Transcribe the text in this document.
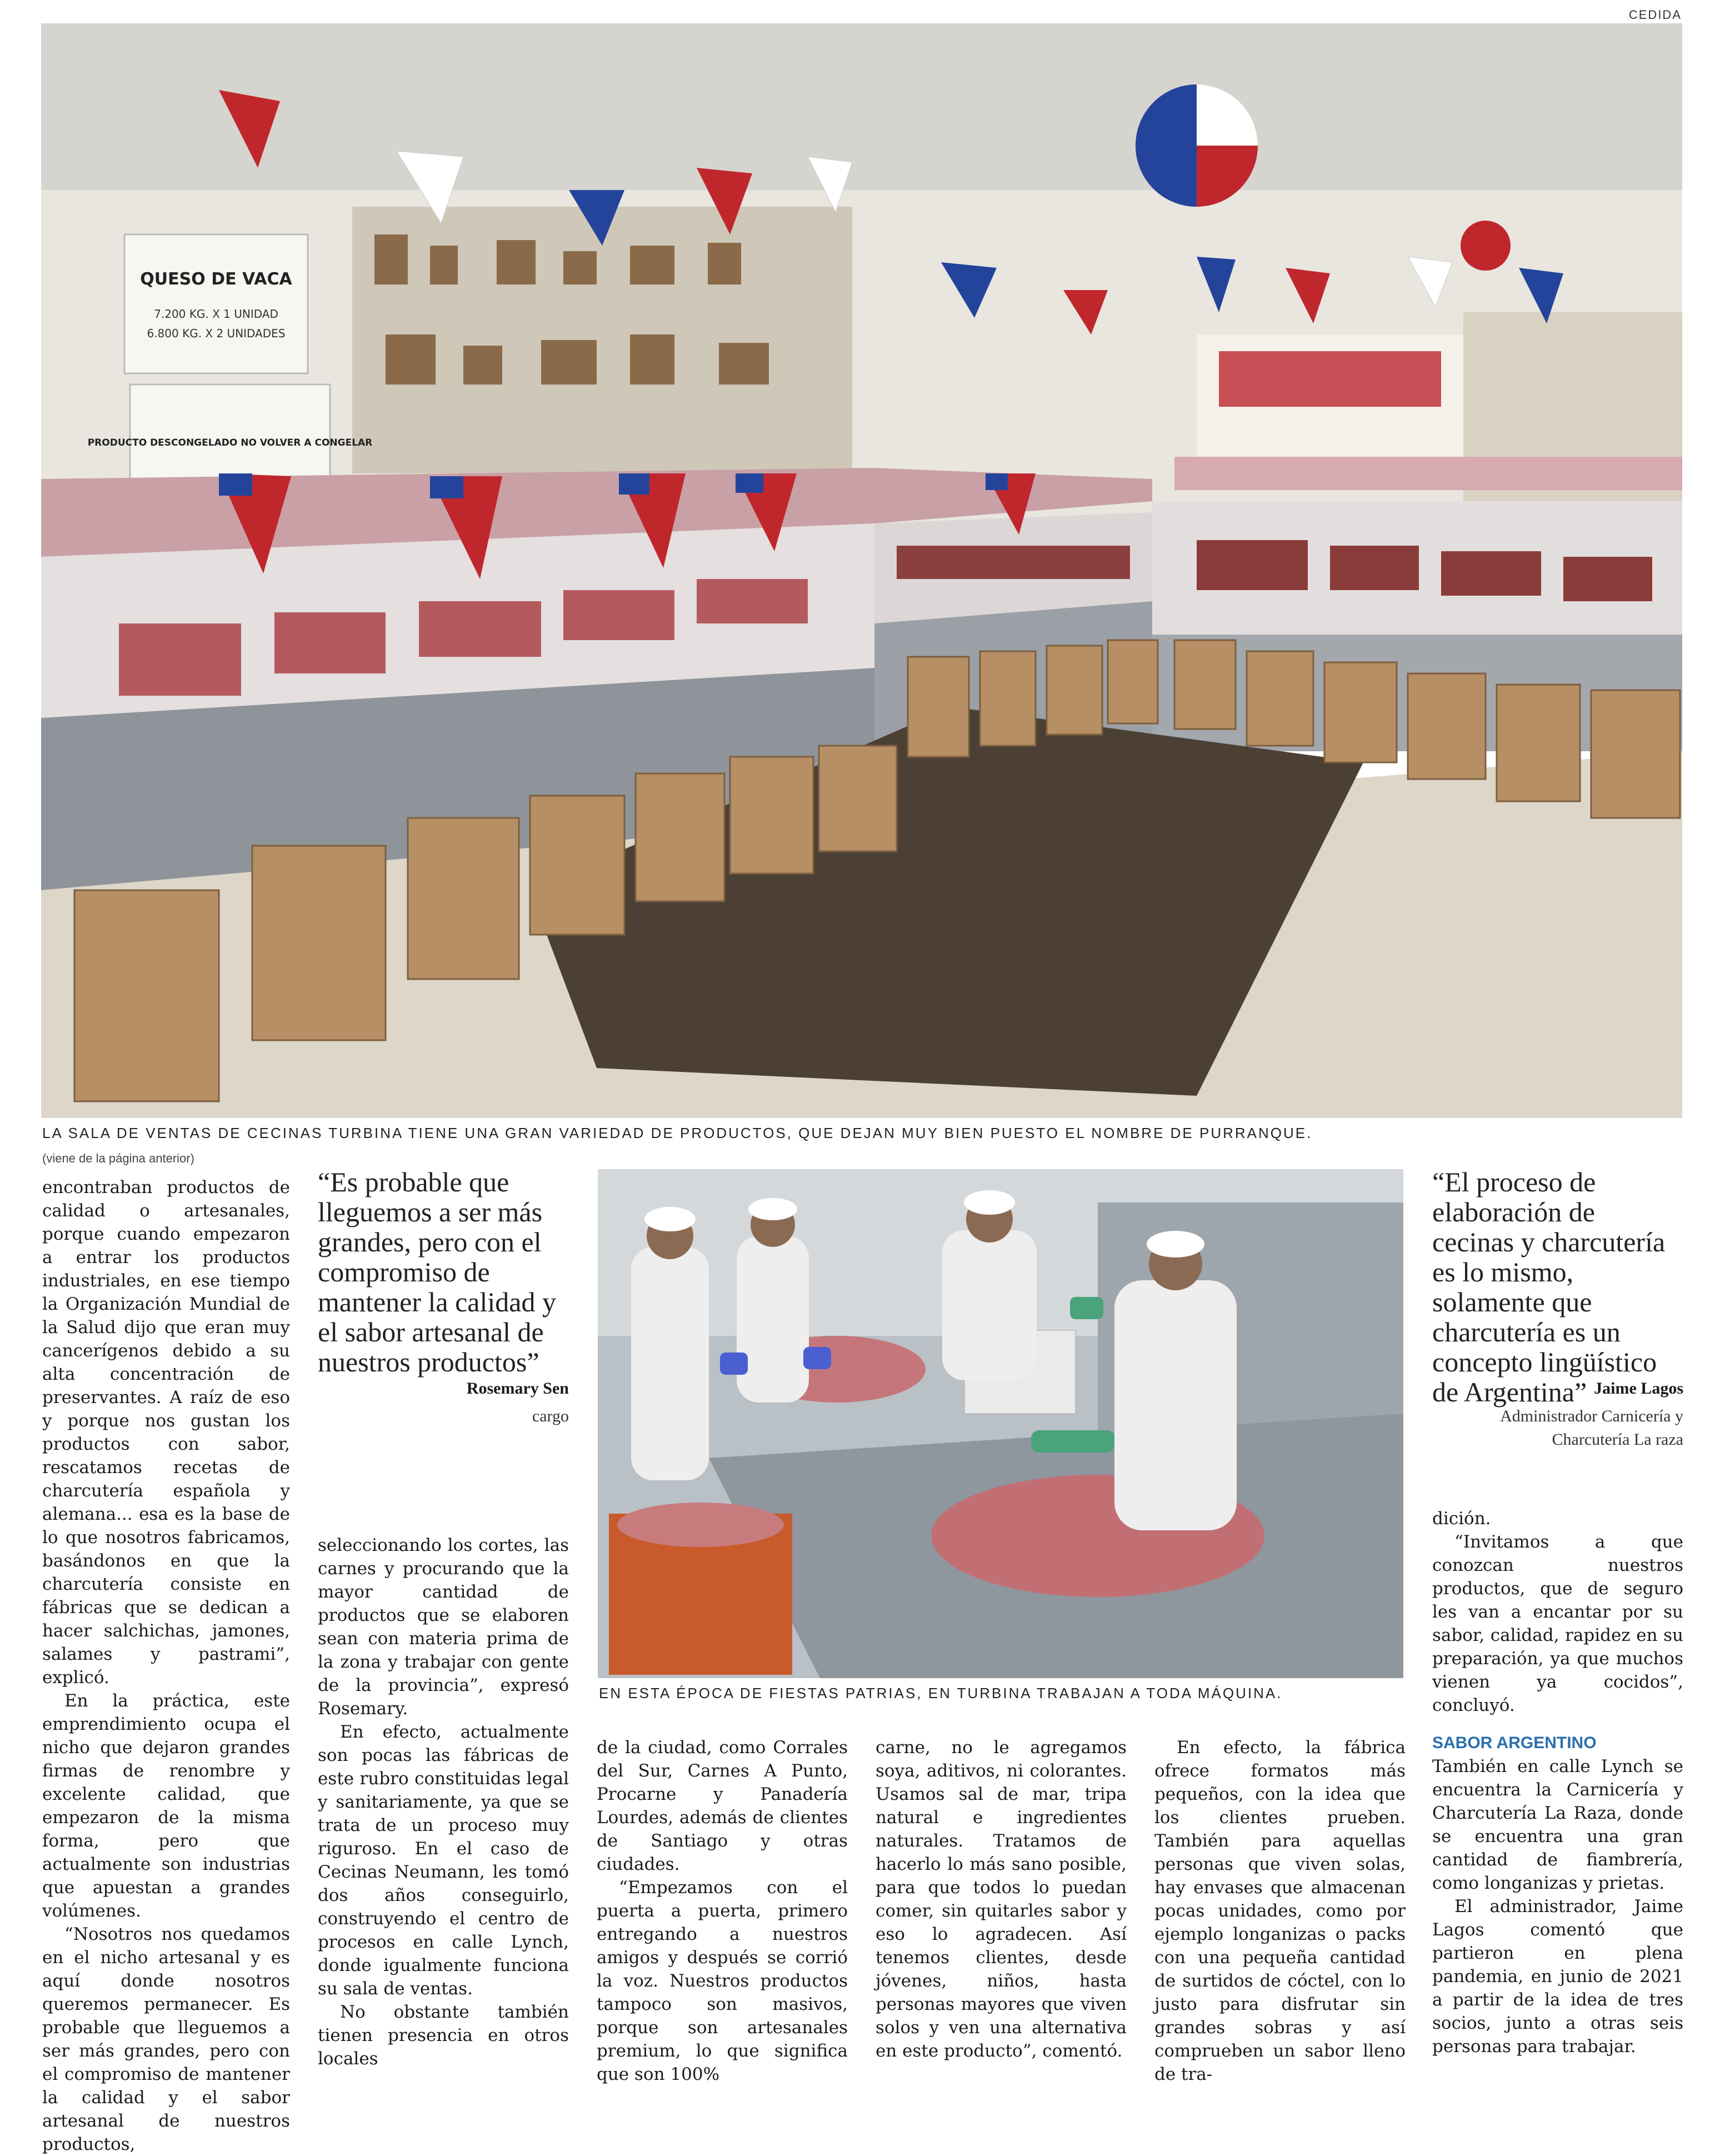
CEDIDA
QUESO DE VACA
7.200 KG. X 1 UNIDAD
6.800 KG. X 2 UNIDADES
PRODUCTO DESCONGELADO NO VOLVER A CONGELAR
LA SALA DE VENTAS DE CECINAS TURBINA TIENE UNA GRAN VARIEDAD DE PRODUCTOS, QUE DEJAN MUY BIEN PUESTO EL NOMBRE DE PURRANQUE.
(viene de la página anterior)

encontraban productos de calidad o artesanales, porque cuando empezaron a entrar los productos industriales, en ese tiempo la Organización Mundial de la Salud dijo que eran muy cancerígenos debido a su alta concentración de preservantes. A raíz de eso y porque nos gustan los productos con sabor, rescatamos recetas de charcutería española y alemana... esa es la base de lo que nosotros fabricamos, basándonos en que la charcutería consiste en fábricas que se dedican a hacer salchichas, jamones, salames y pastrami”, explicó.

En la práctica, este emprendimiento ocupa el nicho que dejaron grandes firmas de renombre y excelente calidad, que empezaron de la misma forma, pero que actualmente son industrias que apuestan a grandes volúmenes.

“Nosotros nos quedamos en el nicho artesanal y es aquí donde nosotros queremos permanecer. Es probable que lleguemos a ser más grandes, pero con el compromiso de mantener la calidad y el sabor artesanal de nuestros productos,

“Es probable que lleguemos a ser más grandes, pero con el compromiso de mantener la calidad y el sabor artesanal de nuestros productos”
Rosemary Sen
cargo

seleccionando los cortes, las carnes y procurando que la mayor cantidad de productos que se elaboren sean con materia prima de la zona y trabajar con gente de la provincia”, expresó Rosemary.

En efecto, actualmente son pocas las fábricas de este rubro constituidas legal y sanitariamente, ya que se trata de un proceso muy riguroso. En el caso de Cecinas Neumann, les tomó dos años conseguirlo, construyendo el centro de procesos en calle Lynch, donde igualmente funciona su sala de ventas.

No obstante también tienen presencia en otros locales

EN ESTA ÉPOCA DE FIESTAS PATRIAS, EN TURBINA TRABAJAN A TODA MÁQUINA.

de la ciudad, como Corrales del Sur, Carnes A Punto, Procarne y Panadería Lourdes, además de clientes de Santiago y otras ciudades.

“Empezamos con el puerta a puerta, primero entregando a nuestros amigos y después se corrió la voz. Nuestros productos tampoco son masivos, porque son artesanales premium, lo que significa que son 100%

carne, no le agregamos soya, aditivos, ni colorantes. Usamos sal de mar, tripa natural e ingredientes naturales. Tratamos de hacerlo lo más sano posible, para que todos lo puedan comer, sin quitarles sabor y eso lo agradecen. Así tenemos clientes, desde jóvenes, niños, hasta personas mayores que viven solos y ven una alternativa en este producto”, comentó.

En efecto, la fábrica ofrece formatos más pequeños, con la idea que los clientes prueben. También para aquellas personas que viven solas, hay envases que almacenan pocas unidades, como por ejemplo longanizas o packs con una pequeña cantidad de surtidos de cóctel, con lo justo para disfrutar sin grandes sobras y así comprueben un sabor lleno de tra-

“El proceso de elaboración de cecinas y charcutería es lo mismo, solamente que charcutería es un concepto lingüístico de Argentina” Jaime Lagos
Administrador Carnicería y Charcutería La raza

dición.

“Invitamos a que conozcan nuestros productos, que de seguro les van a encantar por su sabor, calidad, rapidez en su preparación, ya que muchos vienen ya cocidos”, concluyó.

SABOR ARGENTINO

También en calle Lynch se encuentra la Carnicería y Charcutería La Raza, donde se encuentra una gran cantidad de fiambrería, como longanizas y prietas.

El administrador, Jaime Lagos comentó que partieron en plena pandemia, en junio de 2021 a partir de la idea de tres socios, junto a otras seis personas para trabajar.
